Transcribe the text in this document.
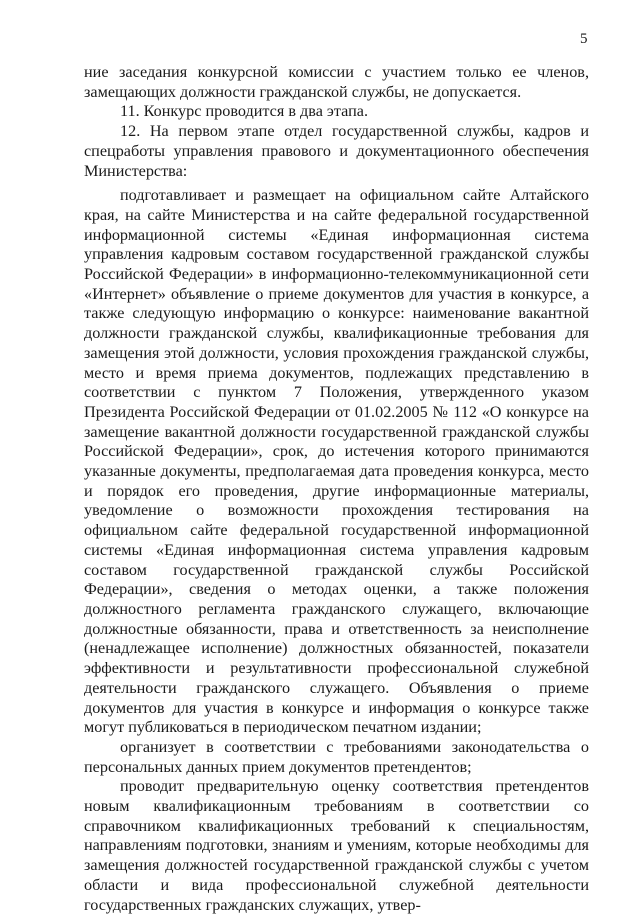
5

ние заседания конкурсной комиссии с участием только ее членов, замещающих должности гражданской службы, не допускается.

11. Конкурс проводится в два этапа.

12. На первом этапе отдел государственной службы, кадров и спецработы управления правового и документационного обеспечения Министерства:

подготавливает и размещает на официальном сайте Алтайского края, на сайте Министерства и на сайте федеральной государственной информационной системы «Единая информационная система управления кадровым составом государственной гражданской службы Российской Федерации» в информационно-телекоммуникационной сети «Интернет» объявление о приеме документов для участия в конкурсе, а также следующую информацию о конкурсе: наименование вакантной должности гражданской службы, квалификационные требования для замещения этой должности, условия прохождения гражданской службы, место и время приема документов, подлежащих представлению в соответствии с пунктом 7 Положения, утвержденного указом Президента Российской Федерации от 01.02.2005 № 112 «О конкурсе на замещение вакантной должности государственной гражданской службы Российской Федерации», срок, до истечения которого принимаются указанные документы, предполагаемая дата проведения конкурса, место и порядок его проведения, другие информационные материалы, уведомление о возможности прохождения тестирования на официальном сайте федеральной государственной информационной системы «Единая информационная система управления кадровым составом государственной гражданской службы Российской Федерации», сведения о методах оценки, а также положения должностного регламента гражданского служащего, включающие должностные обязанности, права и ответственность за неисполнение (ненадлежащее исполнение) должностных обязанностей, показатели эффективности и результативности профессиональной служебной деятельности гражданского служащего. Объявления о приеме документов для участия в конкурсе и информация о конкурсе также могут публиковаться в периодическом печатном издании;

организует в соответствии с требованиями законодательства о персональных данных прием документов претендентов;

проводит предварительную оценку соответствия претендентов новым квалификационным требованиям в соответствии со справочником квалификационных требований к специальностям, направлениям подготовки, знаниям и умениям, которые необходимы для замещения должностей государственной гражданской службы с учетом области и вида профессиональной служебной деятельности государственных гражданских служащих, утвер-
